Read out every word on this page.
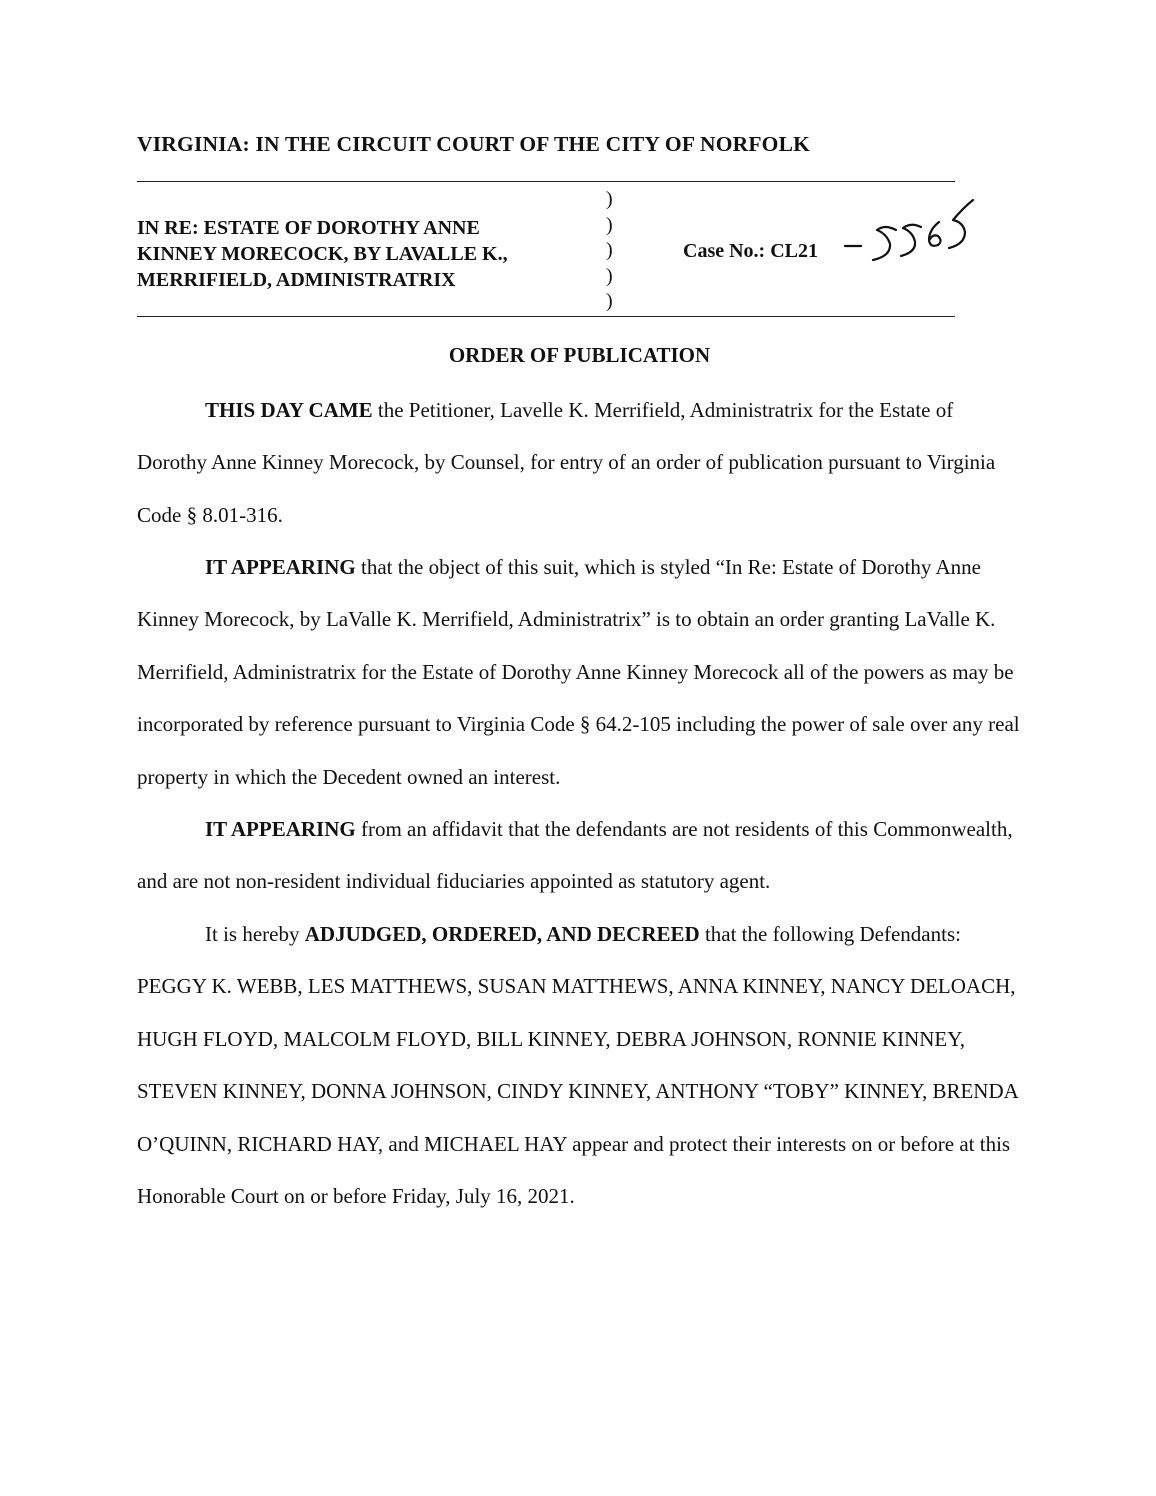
VIRGINIA: IN THE CIRCUIT COURT OF THE CITY OF NORFOLK
IN RE: ESTATE OF DOROTHY ANNE
KINNEY MORECOCK, BY LAVALLE K.,
MERRIFIELD, ADMINISTRATRIX
)
)
)
)
)
Case No.: CL21
ORDER OF PUBLICATION

THIS DAY CAME the Petitioner, Lavelle K. Merrifield, Administratrix for the Estate of Dorothy Anne Kinney Morecock, by Counsel, for entry of an order of publication pursuant to Virginia Code § 8.01-316.

IT APPEARING that the object of this suit, which is styled “In Re: Estate of Dorothy Anne Kinney Morecock, by LaValle K. Merrifield, Administratrix” is to obtain an order granting LaValle K. Merrifield, Administratrix for the Estate of Dorothy Anne Kinney Morecock all of the powers as may be incorporated by reference pursuant to Virginia Code § 64.2-105 including the power of sale over any real property in which the Decedent owned an interest.

IT APPEARING from an affidavit that the defendants are not residents of this Commonwealth, and are not non-resident individual fiduciaries appointed as statutory agent.

It is hereby ADJUDGED, ORDERED, AND DECREED that the following Defendants: PEGGY K. WEBB, LES MATTHEWS, SUSAN MATTHEWS, ANNA KINNEY, NANCY DELOACH, HUGH FLOYD, MALCOLM FLOYD, BILL KINNEY, DEBRA JOHNSON, RONNIE KINNEY, STEVEN KINNEY, DONNA JOHNSON, CINDY KINNEY, ANTHONY “TOBY” KINNEY, BRENDA O’QUINN, RICHARD HAY, and MICHAEL HAY appear and protect their interests on or before at this Honorable Court on or before Friday, July 16, 2021.
